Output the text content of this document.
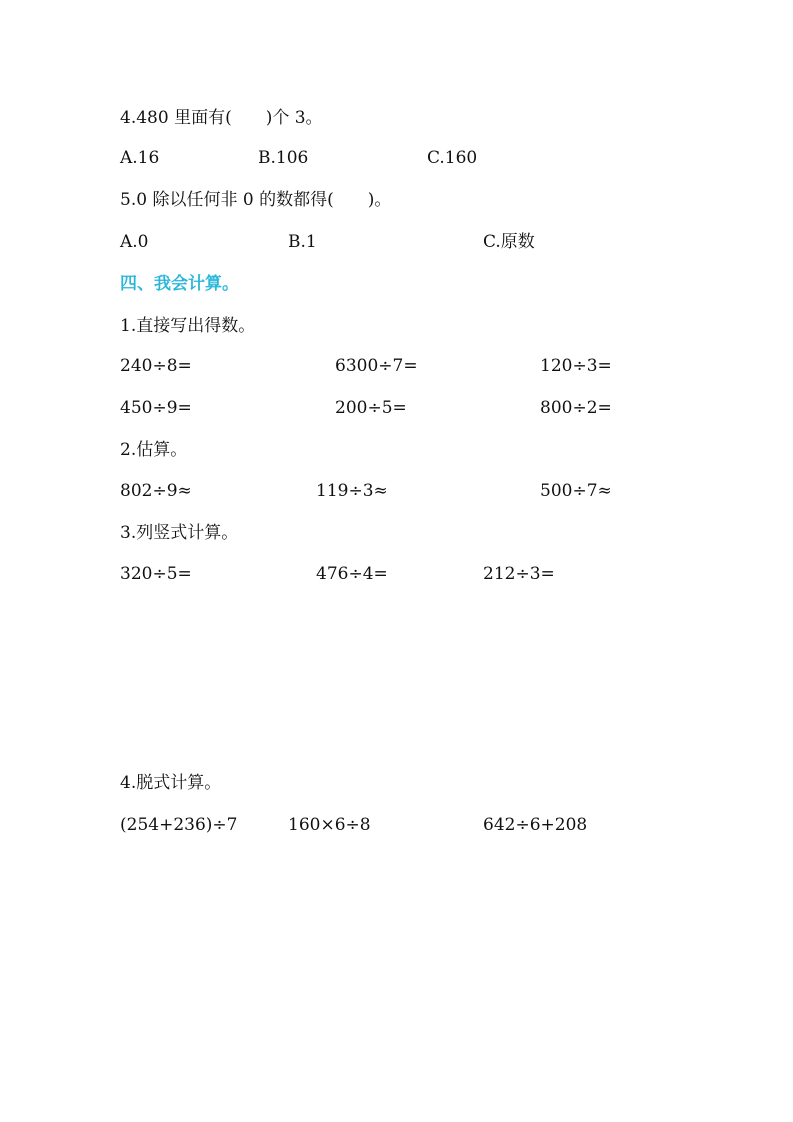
4.480 里面有(　　)个 3。
A.16	B.106	C.160
5.0 除以任何非 0 的数都得(　　)。
A.0	B.1	C.原数
四、我会计算。
1.直接写出得数。
240÷8=	6300÷7=	120÷3=
450÷9=	200÷5=	800÷2=
2.估算。
802÷9≈	119÷3≈	500÷7≈
3.列竖式计算。
320÷5=	476÷4=	212÷3=
4.脱式计算。
(254+236)÷7	160×6÷8	642÷6+208
